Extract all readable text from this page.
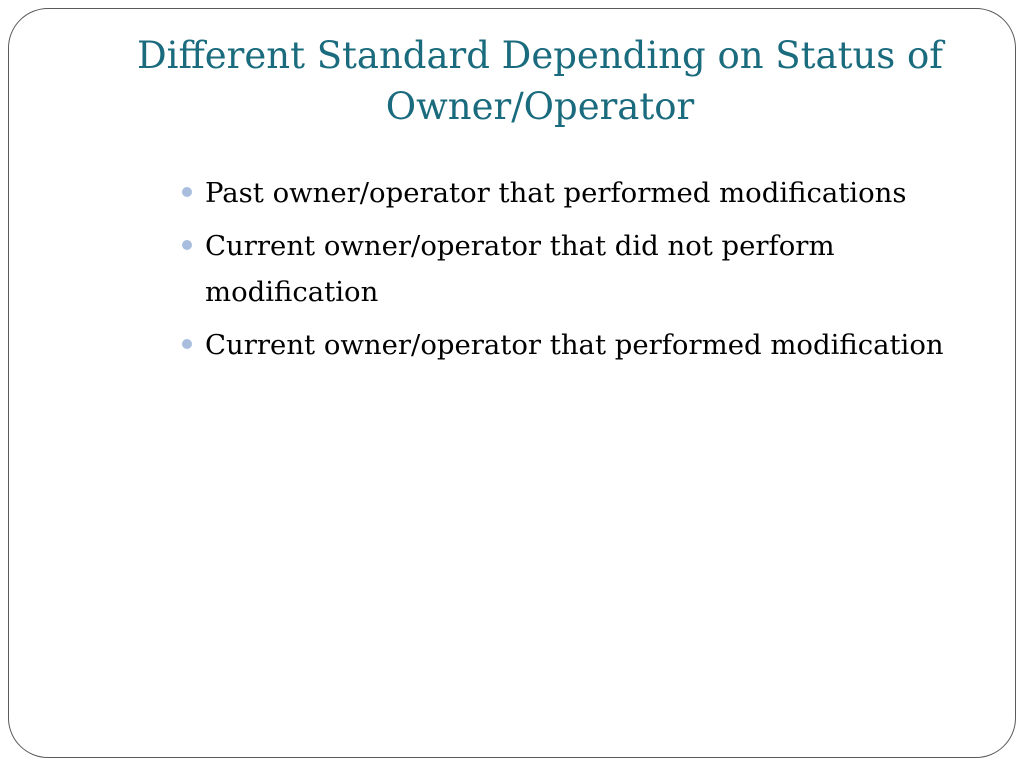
Different Standard Depending on Status of Owner/Operator
Past owner/operator that performed modifications
Current owner/operator that did not perform modification
Current owner/operator that performed modification
